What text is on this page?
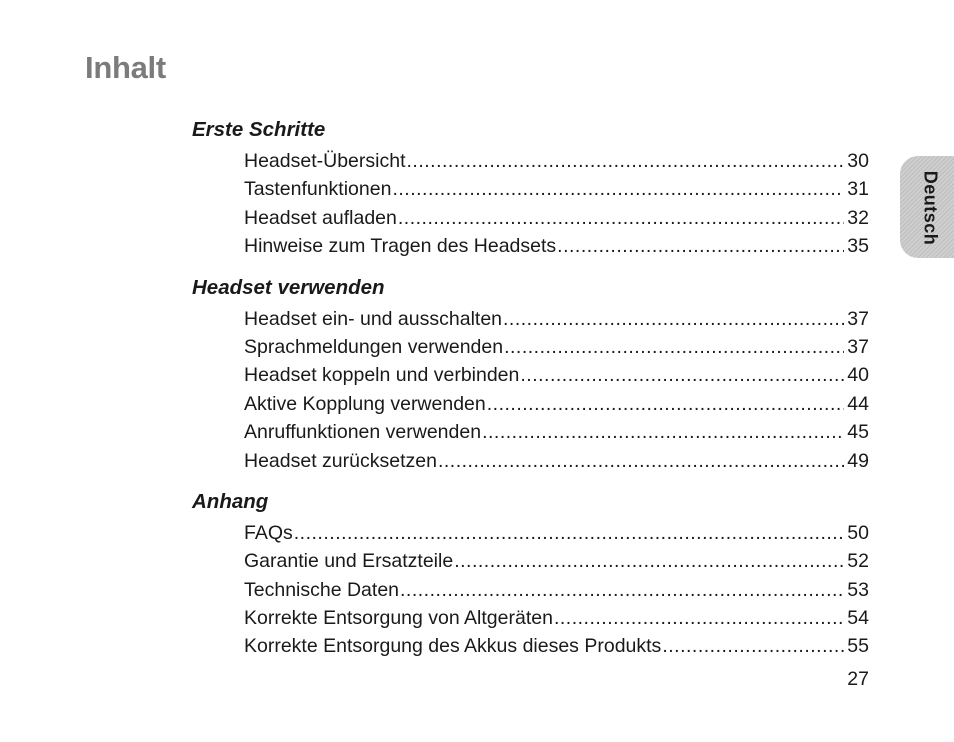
Inhalt
Deutsch
Erste Schritte
Headset-Übersicht .....	30
Tastenfunktionen .....	31
Headset aufladen .....	32
Hinweise zum Tragen des Headsets .....	35
Headset verwenden
Headset ein- und ausschalten .....	37
Sprachmeldungen verwenden .....	37
Headset koppeln und verbinden .....	40
Aktive Kopplung verwenden .....	44
Anruffunktionen verwenden .....	45
Headset zurücksetzen .....	49
Anhang
FAQs .....	50
Garantie und Ersatzteile .....	52
Technische Daten .....	53
Korrekte Entsorgung von Altgeräten .....	54
Korrekte Entsorgung des Akkus dieses Produkts .....	55
27
